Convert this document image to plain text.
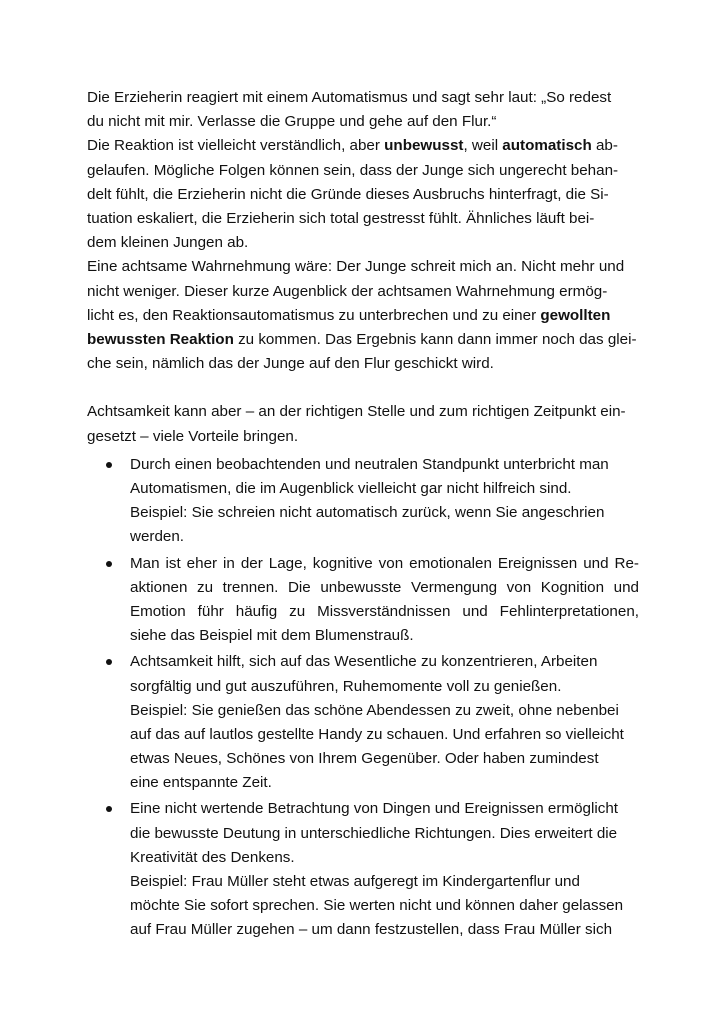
Die Erzieherin reagiert mit einem Automatismus und sagt sehr laut: „So redest
du nicht mit mir. Verlasse die Gruppe und gehe auf den Flur.“
Die Reaktion ist vielleicht verständlich, aber unbewusst, weil automatisch ab-
gelaufen. Mögliche Folgen können sein, dass der Junge sich ungerecht behan-
delt fühlt, die Erzieherin nicht die Gründe dieses Ausbruchs hinterfragt, die Si-
tuation eskaliert, die Erzieherin sich total gestresst fühlt. Ähnliches läuft bei-
dem kleinen Jungen ab.
Eine achtsame Wahrnehmung wäre: Der Junge schreit mich an. Nicht mehr und
nicht weniger. Dieser kurze Augenblick der achtsamen Wahrnehmung ermög-
licht es, den Reaktionsautomatismus zu unterbrechen und zu einer gewollten
bewussten Reaktion zu kommen. Das Ergebnis kann dann immer noch das glei-
che sein, nämlich das der Junge auf den Flur geschickt wird.
Achtsamkeit kann aber – an der richtigen Stelle und zum richtigen Zeitpunkt ein-
gesetzt – viele Vorteile bringen.
Durch einen beobachtenden und neutralen Standpunkt unterbricht man
Automatismen, die im Augenblick vielleicht gar nicht hilfreich sind.
Beispiel: Sie schreien nicht automatisch zurück, wenn Sie angeschrien
werden.
Man ist eher in der Lage, kognitive von emotionalen Ereignissen und Re-
aktionen zu trennen. Die unbewusste Vermengung von Kognition und
Emotion führ häufig zu Missverständnissen und Fehlinterpretationen,
siehe das Beispiel mit dem Blumenstrauß.
Achtsamkeit hilft, sich auf das Wesentliche zu konzentrieren, Arbeiten
sorgfältig und gut auszuführen, Ruhemomente voll zu genießen.
Beispiel: Sie genießen das schöne Abendessen zu zweit, ohne nebenbei
auf das auf lautlos gestellte Handy zu schauen. Und erfahren so vielleicht
etwas Neues, Schönes von Ihrem Gegenüber. Oder haben zumindest
eine entspannte Zeit.
Eine nicht wertende Betrachtung von Dingen und Ereignissen ermöglicht
die bewusste Deutung in unterschiedliche Richtungen. Dies erweitert die
Kreativität des Denkens.
Beispiel: Frau Müller steht etwas aufgeregt im Kindergartenflur und
möchte Sie sofort sprechen. Sie werten nicht und können daher gelassen
auf Frau Müller zugehen – um dann festzustellen, dass Frau Müller sich
